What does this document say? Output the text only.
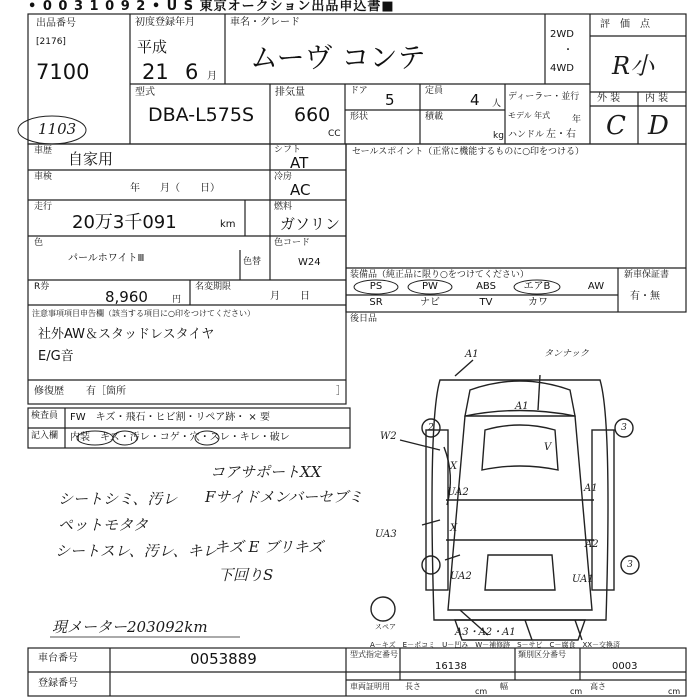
• 0 0 3 1 0 9 2 • U S 東京オークション出品申込書■
出品番号
[2176]
7100
1103
初度登録年月
平成
21 6 月
車名・グレード
ムーヴ コンテ
2WD
・
4WD
評　価　点
R小
外 装 内 装
C D
型式
DBA-L575S
排気量
660
CC
ドア 5	定員 4 人
形状	積載
kg
ディーラー・並行
モデル 年式 年
ハンドル 左・右
車歴 自家用	シフト
AT
車検
年　　月（　　日）
冷房
AC
走行
20万3千091	km
燃料
ガソリン
色
パールホワイトⅢ	色替
色コード
W24
R券
8,960	円
名変期限
月　　日
注意事項項目申告欄（該当する項目に○印をつけてください）
社外AW＆スタッドレスタイヤ
E/G音
修復歴 有［箇所	］
セールスポイント（正常に機能するものに○印をつける）
装備品（純正品に限り○をつけてください）
PS	PW	ABS	エアB	AW
SR	ナビ	TV	カワ
新車保証書
有・無
後日品
検査員
記入欄
FW　キズ・飛石・ヒビ割・リペア跡・ × 要
内装 キズ・汚レ・コゲ・穴・スレ・キレ・破レ
シートシミ、汚レ
ペットモタタ
シートスレ、汚レ、キレ
コアサポートXX
Fサイドメンバーセブミ
キズ E ブリキズ
下回りS
現メーター203092km
A1	タンナック
A1
W2
V
X
UA2	A1
UA3
X
A2
UA2	UA1
2	3
3
スペア	A3・A2・A1
A－キズ　E－ポコミ　U－凹み　W－補修跡　S－サビ　C－腐食　XX－交換済
車台番号	0053889
登録番号
型式指定番号
16138
類別区分番号
0003
車両証明用 長さ
cm
幅
cm
高さ
cm
